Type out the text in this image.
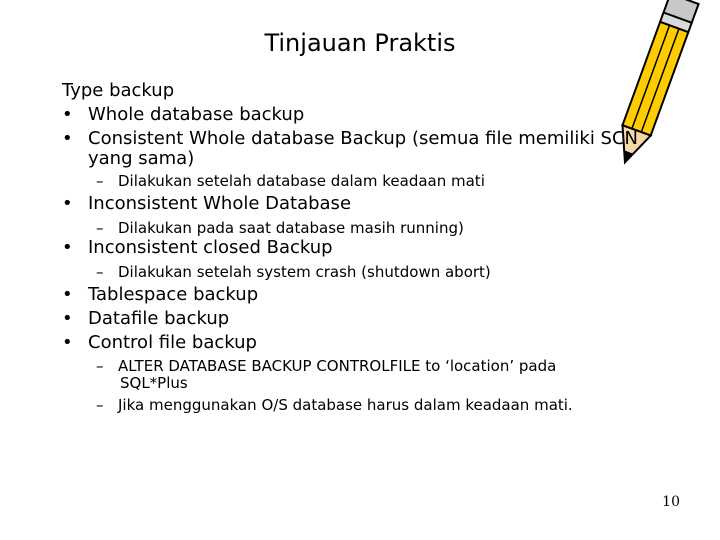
Tinjauan Praktis
Type backup
• Whole database backup
• Consistent Whole database Backup (semua file memiliki SCN
yang sama)
– Dilakukan setelah database dalam keadaan mati
• Inconsistent Whole Database
– Dilakukan pada saat database masih running)
• Inconsistent closed Backup
– Dilakukan setelah system crash (shutdown abort)
• Tablespace backup
• Datafile backup
• Control file backup
– ALTER DATABASE BACKUP CONTROLFILE to ‘location’ pada
SQL*Plus
– Jika menggunakan O/S database harus dalam keadaan mati.
10
